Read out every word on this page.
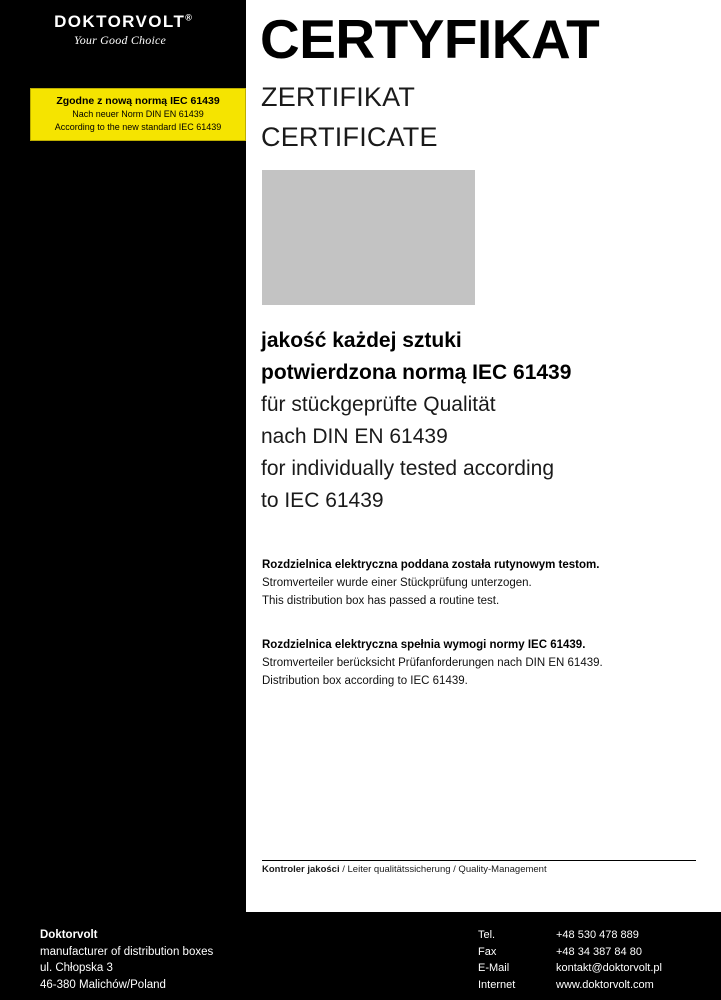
DOKTORVOLT®
Your Good Choice
Zgodne z nową normą IEC 61439
Nach neuer Norm DIN EN 61439
According to the new standard IEC 61439
CERTYFIKAT
ZERTIFIKAT
CERTIFICATE
jakość każdej sztuki
potwierdzona normą IEC 61439
für stückgeprüfte Qualität
nach DIN EN 61439
for individually tested according
to IEC 61439
Rozdzielnica elektryczna poddana została rutynowym testom.
Stromverteiler wurde einer Stückprüfung unterzogen.
This distribution box has passed a routine test.
Rozdzielnica elektryczna spełnia wymogi normy IEC 61439.
Stromverteiler berücksicht Prüfanforderungen nach DIN EN 61439.
Distribution box according to IEC 61439.
Kontroler jakości / Leiter qualitätssicherung / Quality-Management
Doktorvolt
manufacturer of distribution boxes
ul. Chłopska 3
46-380 Malichów/Poland
Tel.	+48 530 478 889
Fax	+48 34 387 84 80
E-Mail	kontakt@doktorvolt.pl
Internet	www.doktorvolt.com
